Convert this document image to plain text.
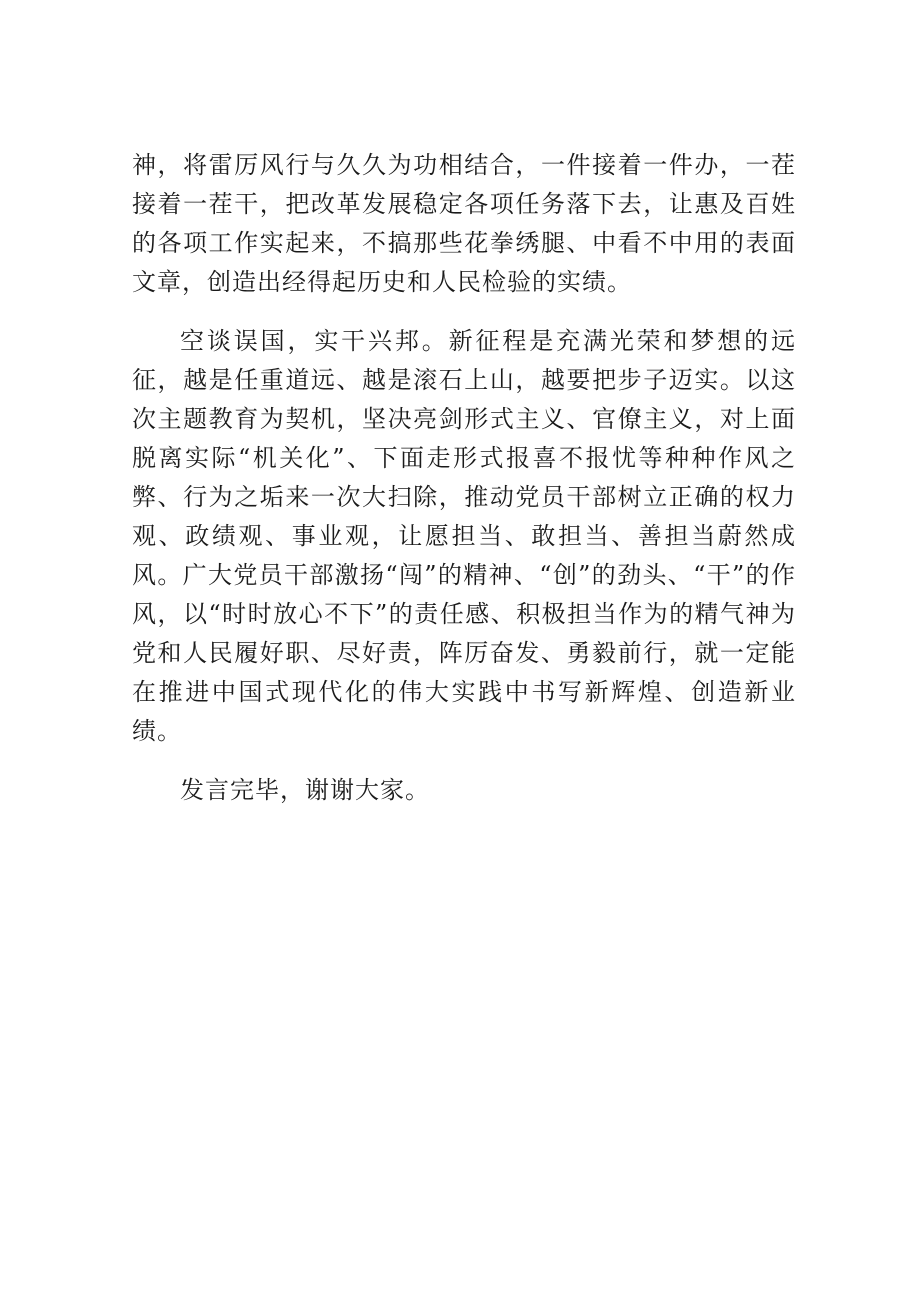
神，将雷厉风行与久久为功相结合，一件接着一件办，一茬接着一茬干，把改革发展稳定各项任务落下去，让惠及百姓的各项工作实起来，不搞那些花拳绣腿、中看不中用的表面文章，创造出经得起历史和人民检验的实绩。

空谈误国，实干兴邦。新征程是充满光荣和梦想的远征，越是任重道远、越是滚石上山，越要把步子迈实。以这次主题教育为契机，坚决亮剑形式主义、官僚主义，对上面脱离实际“机关化”、下面走形式报喜不报忧等种种作风之弊、行为之垢来一次大扫除，推动党员干部树立正确的权力观、政绩观、事业观，让愿担当、敢担当、善担当蔚然成风。广大党员干部激扬“闯”的精神、“创”的劲头、“干”的作风，以“时时放心不下”的责任感、积极担当作为的精气神为党和人民履好职、尽好责，阵厉奋发、勇毅前行，就一定能在推进中国式现代化的伟大实践中书写新辉煌、创造新业绩。

发言完毕，谢谢大家。
